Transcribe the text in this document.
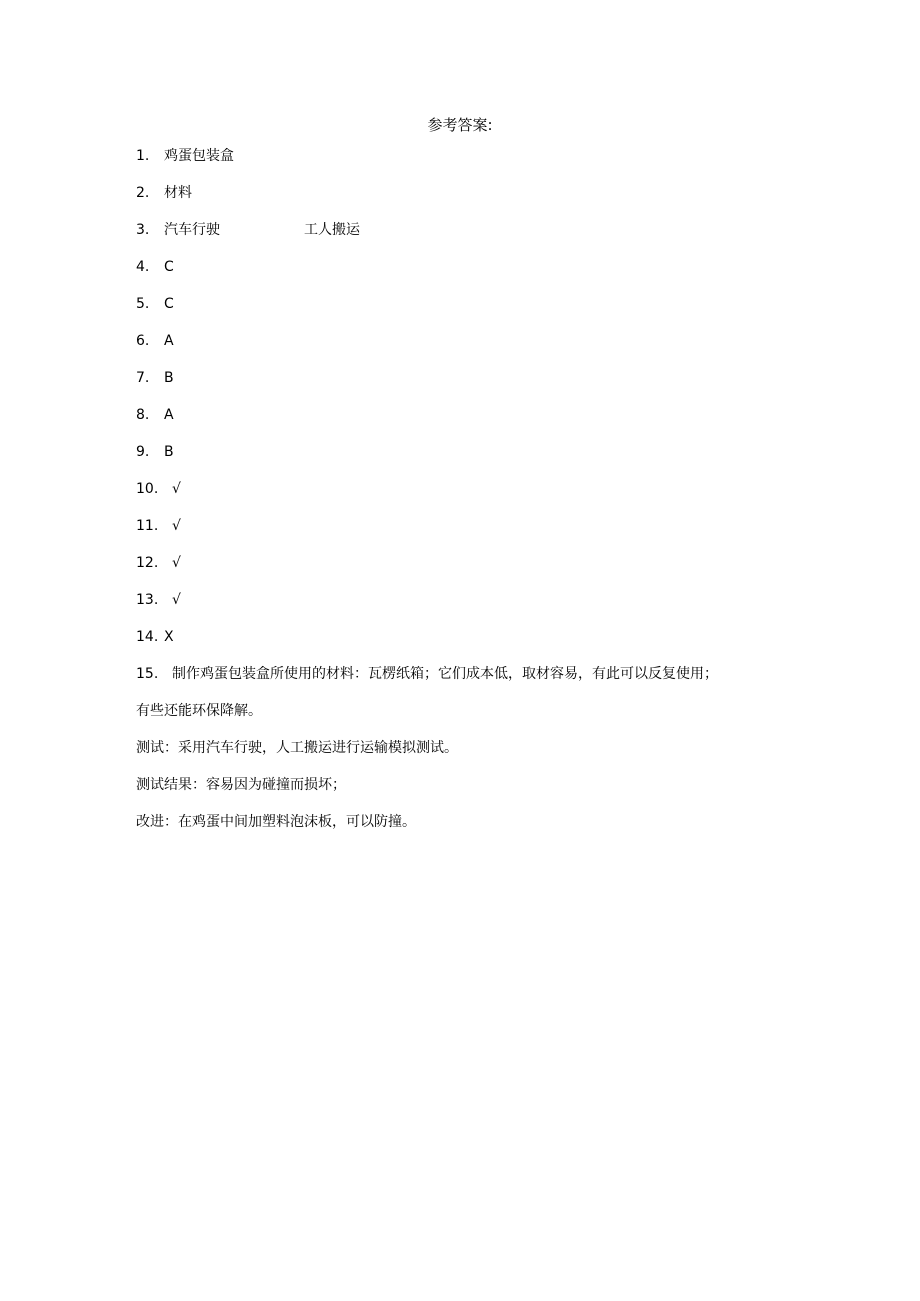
参考答案:
1. 鸡蛋包装盒
2. 材料
3. 汽车行驶	工人搬运
4. C
5. C
6. A
7. B
8. A
9. B
10. √
11. √
12. √
13. √
14. X
15. 制作鸡蛋包装盒所使用的材料：瓦楞纸箱；它们成本低，取材容易，有此可以反复使用；
有些还能环保降解。
测试：采用汽车行驶，人工搬运进行运输模拟测试。
测试结果：容易因为碰撞而损坏；
改进：在鸡蛋中间加塑料泡沫板，可以防撞。
